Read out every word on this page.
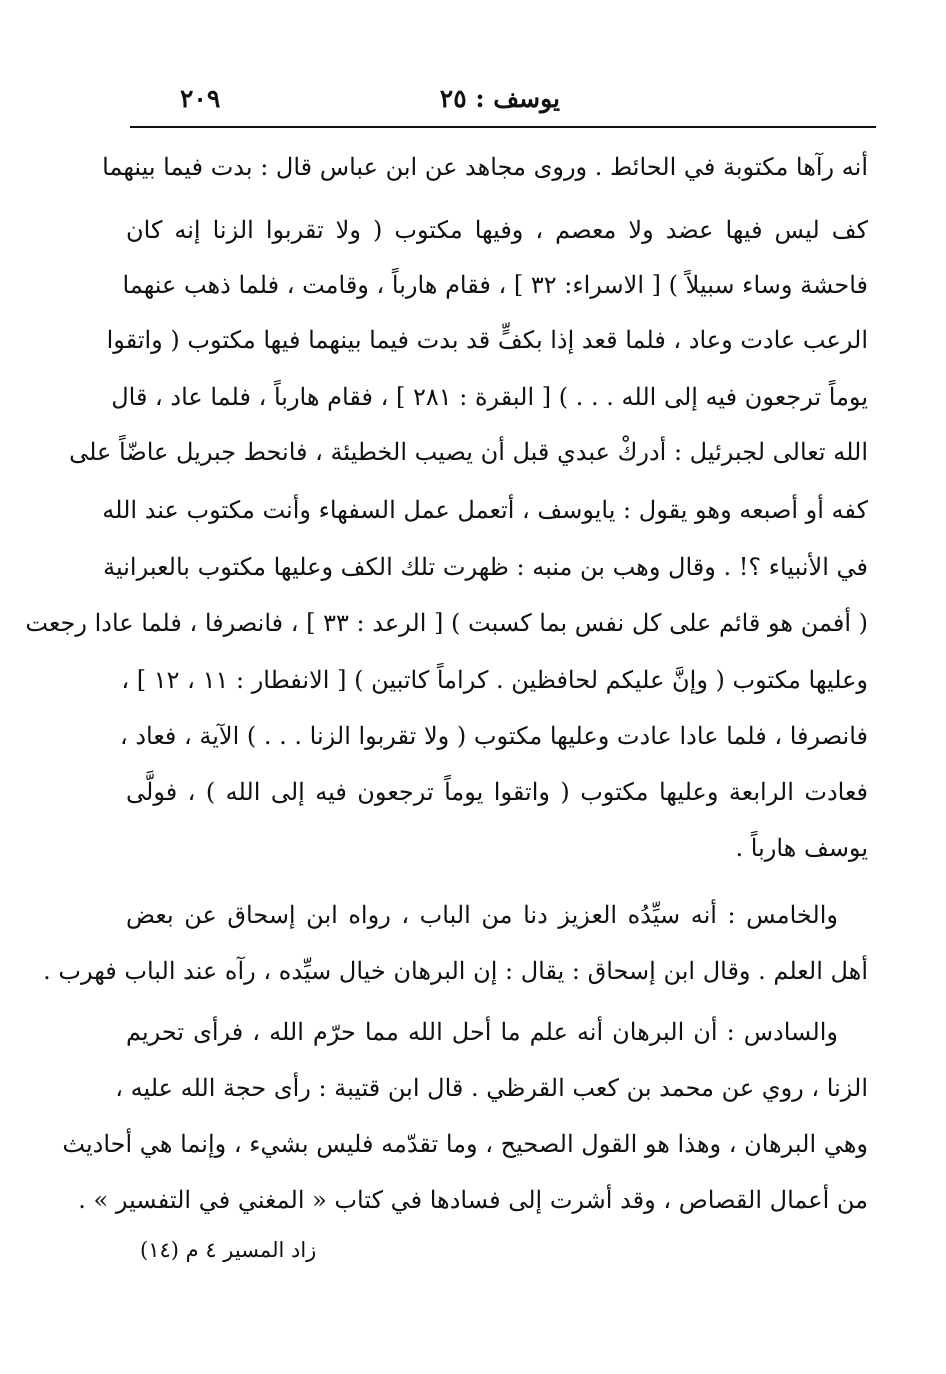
يوسف : ٢٥
٢٠٩
أنه رآها مكتوبة في الحائط . وروى مجاهد عن ابن عباس قال : بدت فيما بينهما
كف ليس فيها عضد ولا معصم ، وفيها مكتوب ( ولا تقربوا الزنا إنه كان
فاحشة وساء سبيلاً ) [ الاسراء: ٣٢ ] ، فقام هارباً ، وقامت ، فلما ذهب عنهما
الرعب عادت وعاد ، فلما قعد إذا بكفٍّ قد بدت فيما بينهما فيها مكتوب ( واتقوا
يوماً ترجعون فيه إلى الله . . . ) [ البقرة : ٢٨١ ] ، فقام هارباً ، فلما عاد ، قال
الله تعالى لجبرئيل : أدركْ عبدي قبل أن يصيب الخطيئة ، فانحط جبريل عاضّاً على
كفه أو أصبعه وهو يقول : يايوسف ، أتعمل عمل السفهاء وأنت مكتوب عند الله
في الأنبياء ؟! . وقال وهب بن منبه : ظهرت تلك الكف وعليها مكتوب بالعبرانية
( أفمن هو قائم على كل نفس بما كسبت ) [ الرعد : ٣٣ ] ، فانصرفا ، فلما عادا رجعت
وعليها مكتوب ( وإنَّ عليكم لحافظين . كراماً كاتبين ) [ الانفطار : ١١ ، ١٢ ] ،
فانصرفا ، فلما عادا عادت وعليها مكتوب ( ولا تقربوا الزنا . . . ) الآية ، فعاد ،
فعادت الرابعة وعليها مكتوب ( واتقوا يوماً ترجعون فيه إلى الله ) ، فولَّى
يوسف هارباً .
والخامس : أنه سيِّدُه العزيز دنا من الباب ، رواه ابن إسحاق عن بعض
أهل العلم . وقال ابن إسحاق : يقال : إن البرهان خيال سيِّده ، رآه عند الباب فهرب .
والسادس : أن البرهان أنه علم ما أحل الله مما حرّم الله ، فرأى تحريم
الزنا ، روي عن محمد بن كعب القرظي . قال ابن قتيبة : رأى حجة الله عليه ،
وهي البرهان ، وهذا هو القول الصحيح ، وما تقدّمه فليس بشيء ، وإنما هي أحاديث
من أعمال القصاص ، وقد أشرت إلى فسادها في كتاب « المغني في التفسير » .
زاد المسير ٤ م (١٤)
